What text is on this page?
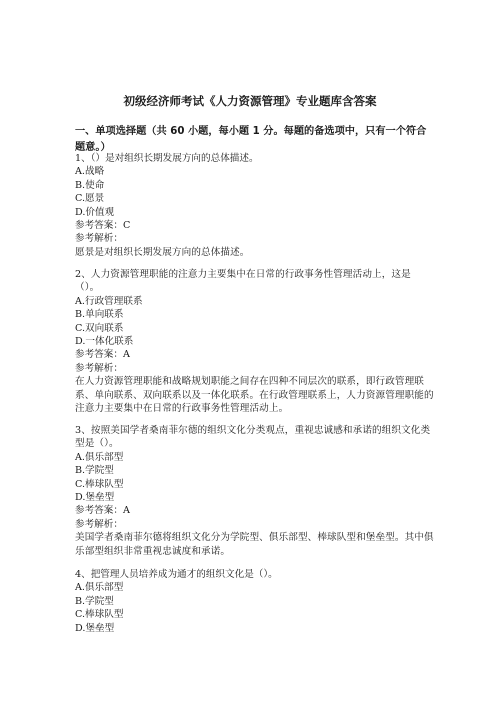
初级经济师考试《人力资源管理》专业题库含答案
一、单项选择题（共 60 小题，每小题 1 分。每题的备选项中，只有一个符合题意。）
1、（）是对组织长期发展方向的总体描述。
A.战略
B.使命
C.愿景
D.价值观
参考答案：C
参考解析：
愿景是对组织长期发展方向的总体描述。
2、人力资源管理职能的注意力主要集中在日常的行政事务性管理活动上，这是（）。
A.行政管理联系
B.单向联系
C.双向联系
D.一体化联系
参考答案：A
参考解析：
在人力资源管理职能和战略规划职能之间存在四种不同层次的联系，即行政管理联系、单向联系、双向联系以及一体化联系。在行政管理联系上，人力资源管理职能的注意力主要集中在日常的行政事务性管理活动上。
3、按照美国学者桑南菲尔德的组织文化分类观点，重视忠诚感和承诺的组织文化类型是（）。
A.俱乐部型
B.学院型
C.棒球队型
D.堡垒型
参考答案：A
参考解析：
美国学者桑南菲尔德将组织文化分为学院型、俱乐部型、棒球队型和堡垒型。其中俱乐部型组织非常重视忠诚度和承诺。
4、把管理人员培养成为通才的组织文化是（）。
A.俱乐部型
B.学院型
C.棒球队型
D.堡垒型
